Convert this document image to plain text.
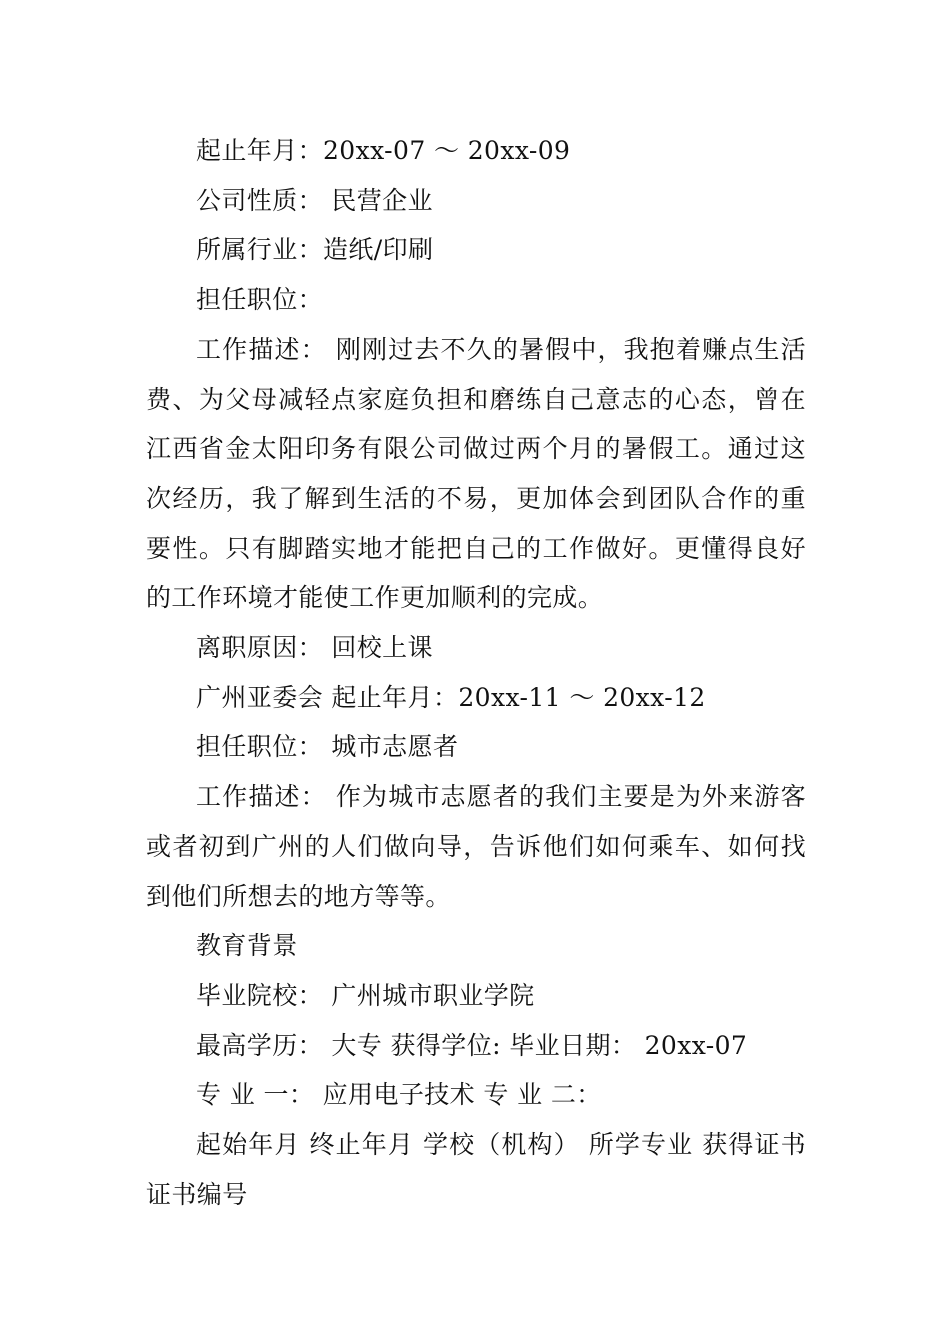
起止年月：20xx-07 ～ 20xx-09

公司性质： 民营企业

所属行业：造纸/印刷

担任职位：

工作描述： 刚刚过去不久的暑假中，我抱着赚点生活费、为父母减轻点家庭负担和磨练自己意志的心态，曾在江西省金太阳印务有限公司做过两个月的暑假工。通过这次经历，我了解到生活的不易，更加体会到团队合作的重要性。只有脚踏实地才能把自己的工作做好。更懂得良好的工作环境才能使工作更加顺利的完成。

离职原因： 回校上课

广州亚委会 起止年月：20xx-11 ～ 20xx-12

担任职位： 城市志愿者

工作描述： 作为城市志愿者的我们主要是为外来游客或者初到广州的人们做向导，告诉他们如何乘车、如何找到他们所想去的地方等等。

教育背景

毕业院校： 广州城市职业学院

最高学历： 大专 获得学位: 毕业日期： 20xx-07

专 业 一： 应用电子技术 专 业 二：

起始年月 终止年月 学校（机构） 所学专业 获得证书 证书编号
